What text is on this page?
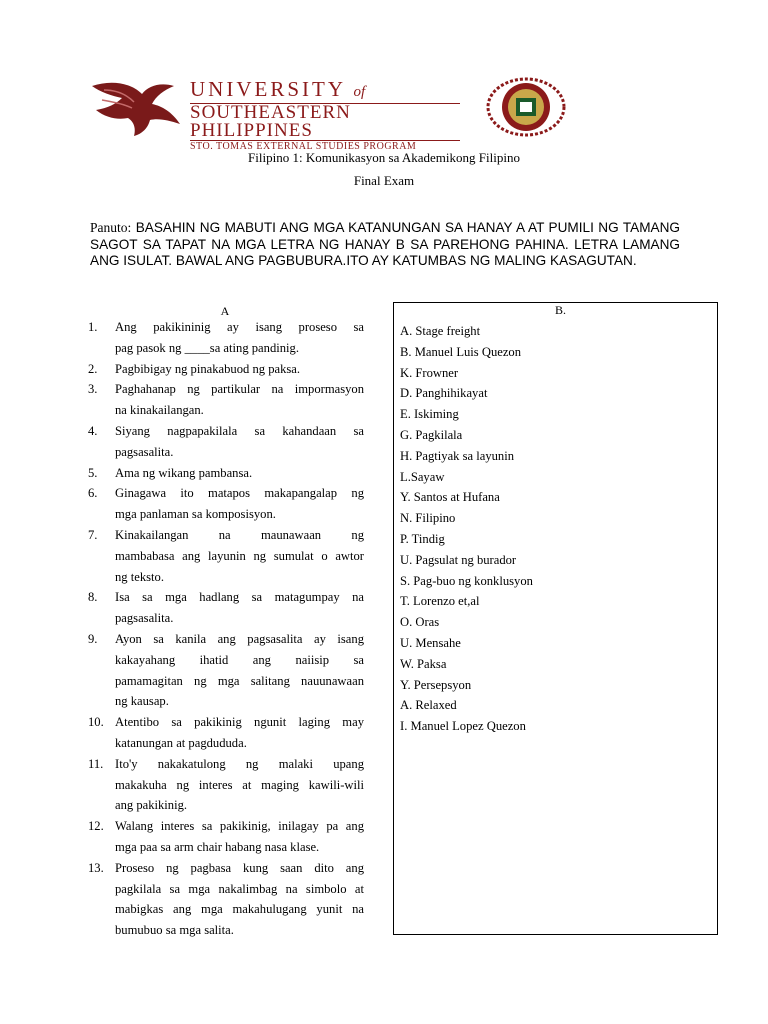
UNIVERSITY of
SOUTHEASTERN PHILIPPINES
STO. TOMAS EXTERNAL STUDIES PROGRAM
Filipino 1: Komunikasyon sa Akademikong Filipino
Final Exam
Panuto: BASAHIN NG MABUTI ANG MGA KATANUNGAN SA HANAY A AT PUMILI NG TAMANG SAGOT SA TAPAT NA MGA LETRA NG HANAY B SA PAREHONG PAHINA. LETRA LAMANG ANG ISULAT. BAWAL ANG PAGBUBURA.ITO AY KATUMBAS NG MALING KASAGUTAN.
A
1.	Ang pakikininig ay isang proseso sa
pag pasok ng ____sa ating pandinig.
2.	Pagbibigay ng pinakabuod ng paksa.
3.	Paghahanap ng partikular na impormasyon
na kinakailangan.
4.	Siyang nagpapakilala sa kahandaan sa
pagsasalita.
5.	Ama ng wikang pambansa.
6.	Ginagawa ito matapos makapangalap ng
mga panlaman sa komposisyon.
7.	Kinakailangan na maunawaan ng
mambabasa ang layunin ng sumulat o awtor
ng teksto.
8.	Isa sa mga hadlang sa matagumpay na
pagsasalita.
9.	Ayon sa kanila ang pagsasalita ay isang
kakayahang ihatid ang naiisip sa
pamamagitan ng mga salitang nauunawaan
ng kausap.
10. Atentibo sa pakikinig ngunit laging may
katanungan at pagdududa.
11. Ito'y nakakatulong ng malaki upang
makakuha ng interes at maging kawili-wili
ang pakikinig.
12. Walang interes sa pakikinig, inilagay pa ang
mga paa sa arm chair habang nasa klase.
13. Proseso ng pagbasa kung saan dito ang
pagkilala sa mga nakalimbag na simbolo at
mabigkas ang mga makahulugang yunit na
bumubuo sa mga salita.
B.
A. Stage freight
B. Manuel Luis Quezon
K. Frowner
D. Panghihikayat
E. Iskiming
G. Pagkilala
H. Pagtiyak sa layunin
L.Sayaw
Y. Santos at Hufana
N. Filipino
P. Tindig
U. Pagsulat ng burador
S. Pag-buo ng konklusyon
T. Lorenzo et,al
O. Oras
U. Mensahe
W. Paksa
Y. Persepsyon
A. Relaxed
I. Manuel Lopez Quezon
